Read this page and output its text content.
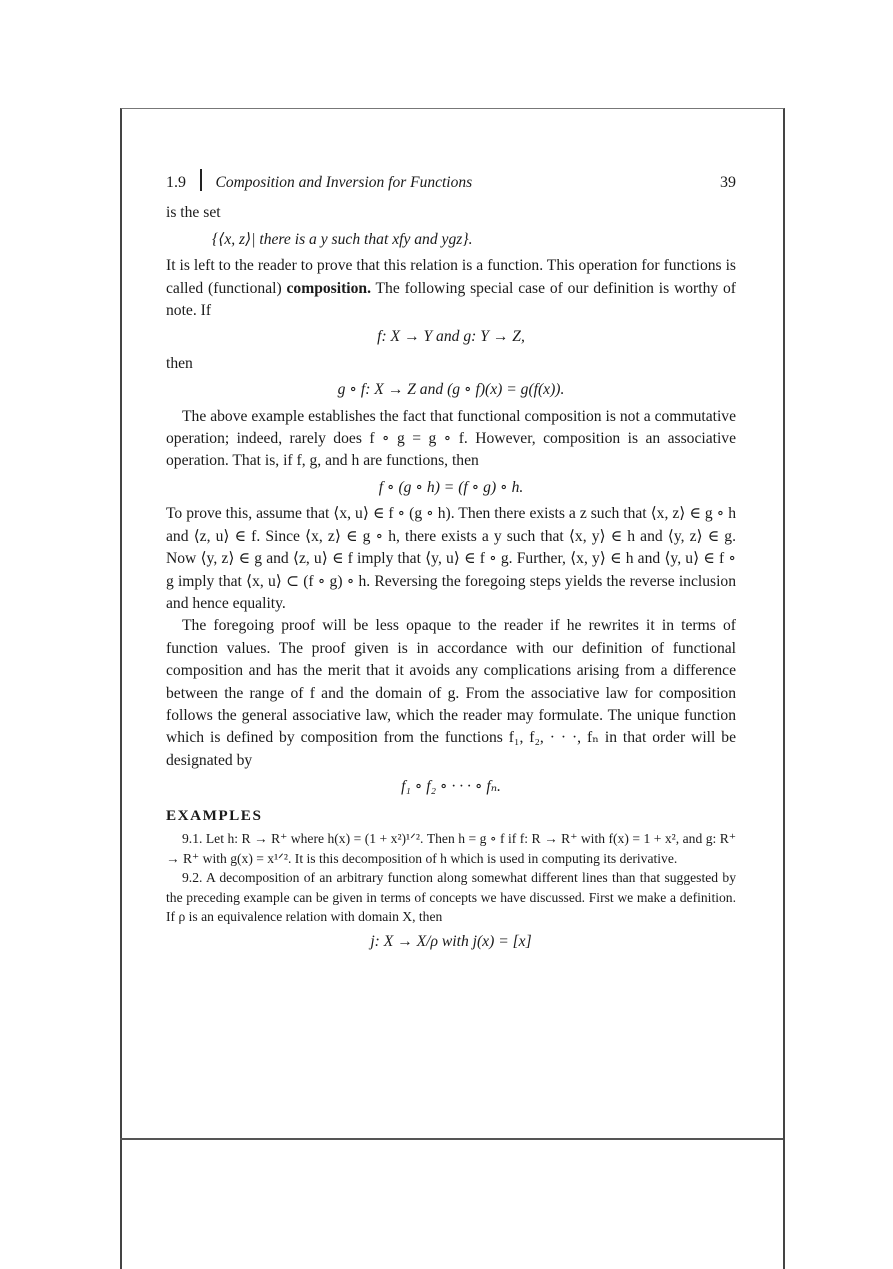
1.9 Composition and Inversion for Functions	39

is the set

{⟨x, z⟩| there is a y such that xfy and ygz}.

It is left to the reader to prove that this relation is a function. This operation for functions is called (functional) composition. The following special case of our definition is worthy of note. If

f: X → Y and g: Y → Z,

then

g ∘ f: X → Z and (g ∘ f)(x) = g(f(x)).

The above example establishes the fact that functional composition is not a commutative operation; indeed, rarely does f ∘ g = g ∘ f. However, composition is an associative operation. That is, if f, g, and h are functions, then

f ∘ (g ∘ h) = (f ∘ g) ∘ h.

To prove this, assume that ⟨x, u⟩ ∈ f ∘ (g ∘ h). Then there exists a z such that ⟨x, z⟩ ∈ g ∘ h and ⟨z, u⟩ ∈ f. Since ⟨x, z⟩ ∈ g ∘ h, there exists a y such that ⟨x, y⟩ ∈ h and ⟨y, z⟩ ∈ g. Now ⟨y, z⟩ ∈ g and ⟨z, u⟩ ∈ f imply that ⟨y, u⟩ ∈ f ∘ g. Further, ⟨x, y⟩ ∈ h and ⟨y, u⟩ ∈ f ∘ g imply that ⟨x, u⟩ ⊂ (f ∘ g) ∘ h. Reversing the foregoing steps yields the reverse inclusion and hence equality.

The foregoing proof will be less opaque to the reader if he rewrites it in terms of function values. The proof given is in accordance with our definition of functional composition and has the merit that it avoids any complications arising from a difference between the range of f and the domain of g. From the associative law for composition follows the general associative law, which the reader may formulate. The unique function which is defined by composition from the functions f₁, f₂, · · ·, fₙ in that order will be designated by

f₁ ∘ f₂ ∘ · · · ∘ fₙ.
EXAMPLES

9.1. Let h: R → R⁺ where h(x) = (1 + x²)¹ᐟ². Then h = g ∘ f if f: R → R⁺ with f(x) = 1 + x², and g: R⁺ → R⁺ with g(x) = x¹ᐟ². It is this decomposition of h which is used in computing its derivative.

9.2. A decomposition of an arbitrary function along somewhat different lines than that suggested by the preceding example can be given in terms of concepts we have discussed. First we make a definition. If ρ is an equivalence relation with domain X, then

j: X → X/ρ with j(x) = [x]
